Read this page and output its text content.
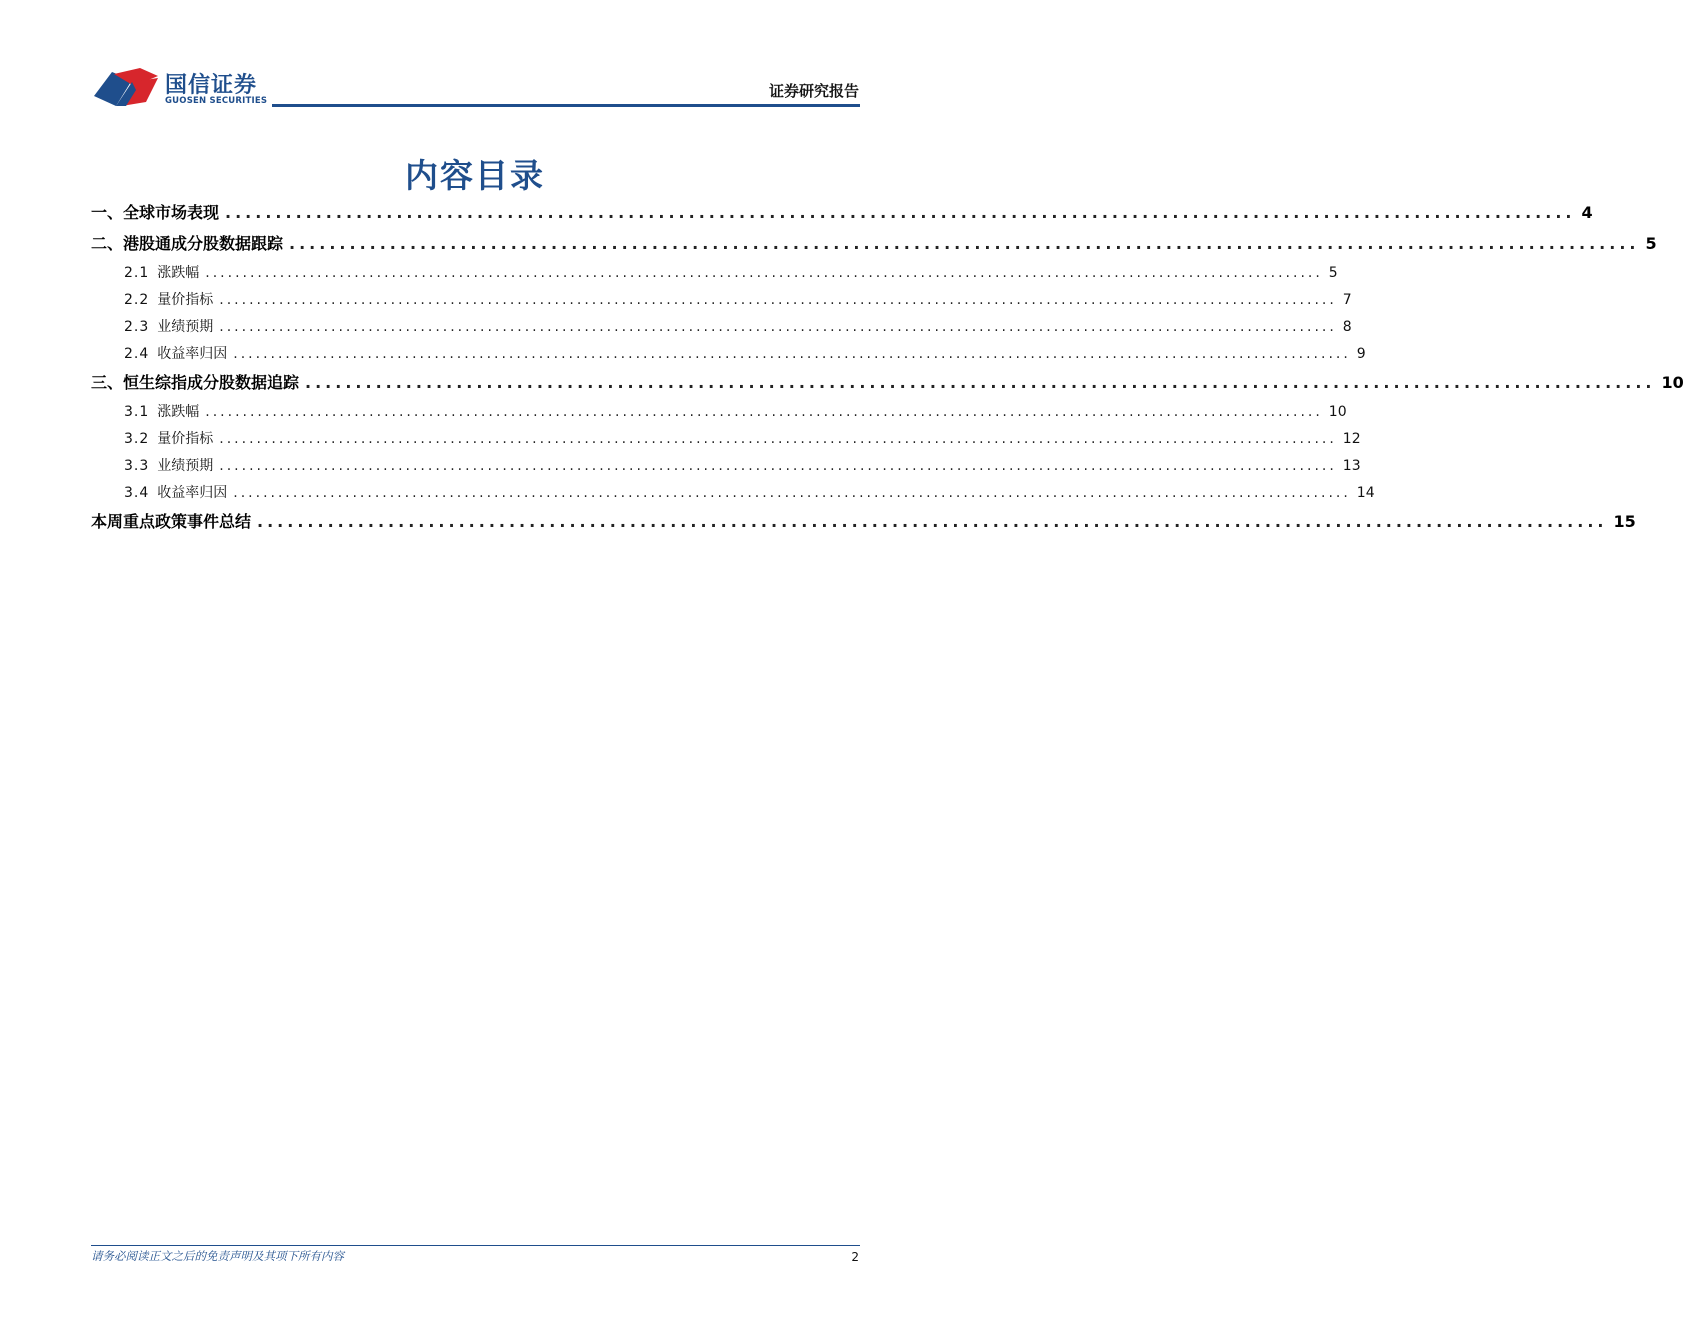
国信证券
GUOSEN SECURITIES
证券研究报告
内容目录
一、全球市场表现 ...................................................................................................................................... 4
二、港股通成分股数据跟踪 ...................................................................................................................................... 5
2.1 涨跌幅 ...................................................................................................................................................... 5
2.2 量价指标 ...................................................................................................................................................... 7
2.3 业绩预期 ...................................................................................................................................................... 8
2.4 收益率归因 ...................................................................................................................................................... 9
三、恒生综指成分股数据追踪 ...................................................................................................................................... 10
3.1 涨跌幅 ...................................................................................................................................................... 10
3.2 量价指标 ...................................................................................................................................................... 12
3.3 业绩预期 ...................................................................................................................................................... 13
3.4 收益率归因 ...................................................................................................................................................... 14
本周重点政策事件总结 ...................................................................................................................................... 15
请务必阅读正文之后的免责声明及其项下所有内容	2
